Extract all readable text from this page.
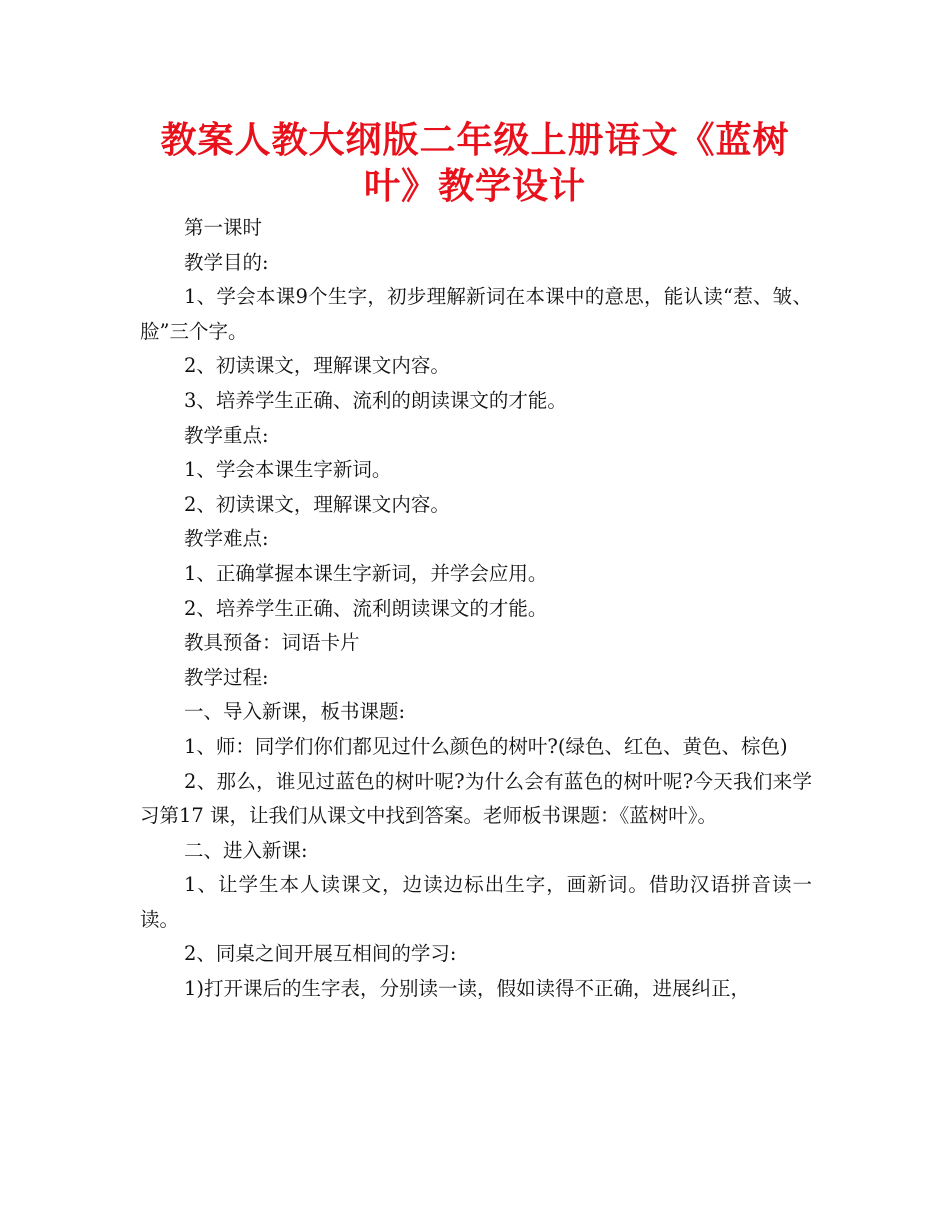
教案人教大纲版二年级上册语文《蓝树
叶》教学设计

第一课时

教学目的:

1、学会本课9个生字，初步理解新词在本课中的意思，能认读“惹、皱、脸”三个字。

2、初读课文，理解课文内容。

3、培养学生正确、流利的朗读课文的才能。

教学重点:

1、学会本课生字新词。

2、初读课文，理解课文内容。

教学难点:

1、正确掌握本课生字新词，并学会应用。

2、培养学生正确、流利朗读课文的才能。

教具预备：词语卡片

教学过程:

一、导入新课，板书课题:

1、师：同学们你们都见过什么颜色的树叶?(绿色、红色、黄色、棕色)

2、那么，谁见过蓝色的树叶呢?为什么会有蓝色的树叶呢?今天我们来学习第17 课，让我们从课文中找到答案。老师板书课题：《蓝树叶》。

二、进入新课:

1、让学生本人读课文，边读边标出生字，画新词。借助汉语拼音读一读。

2、同桌之间开展互相间的学习:

1)打开课后的生字表，分别读一读，假如读得不正确，进展纠正，
